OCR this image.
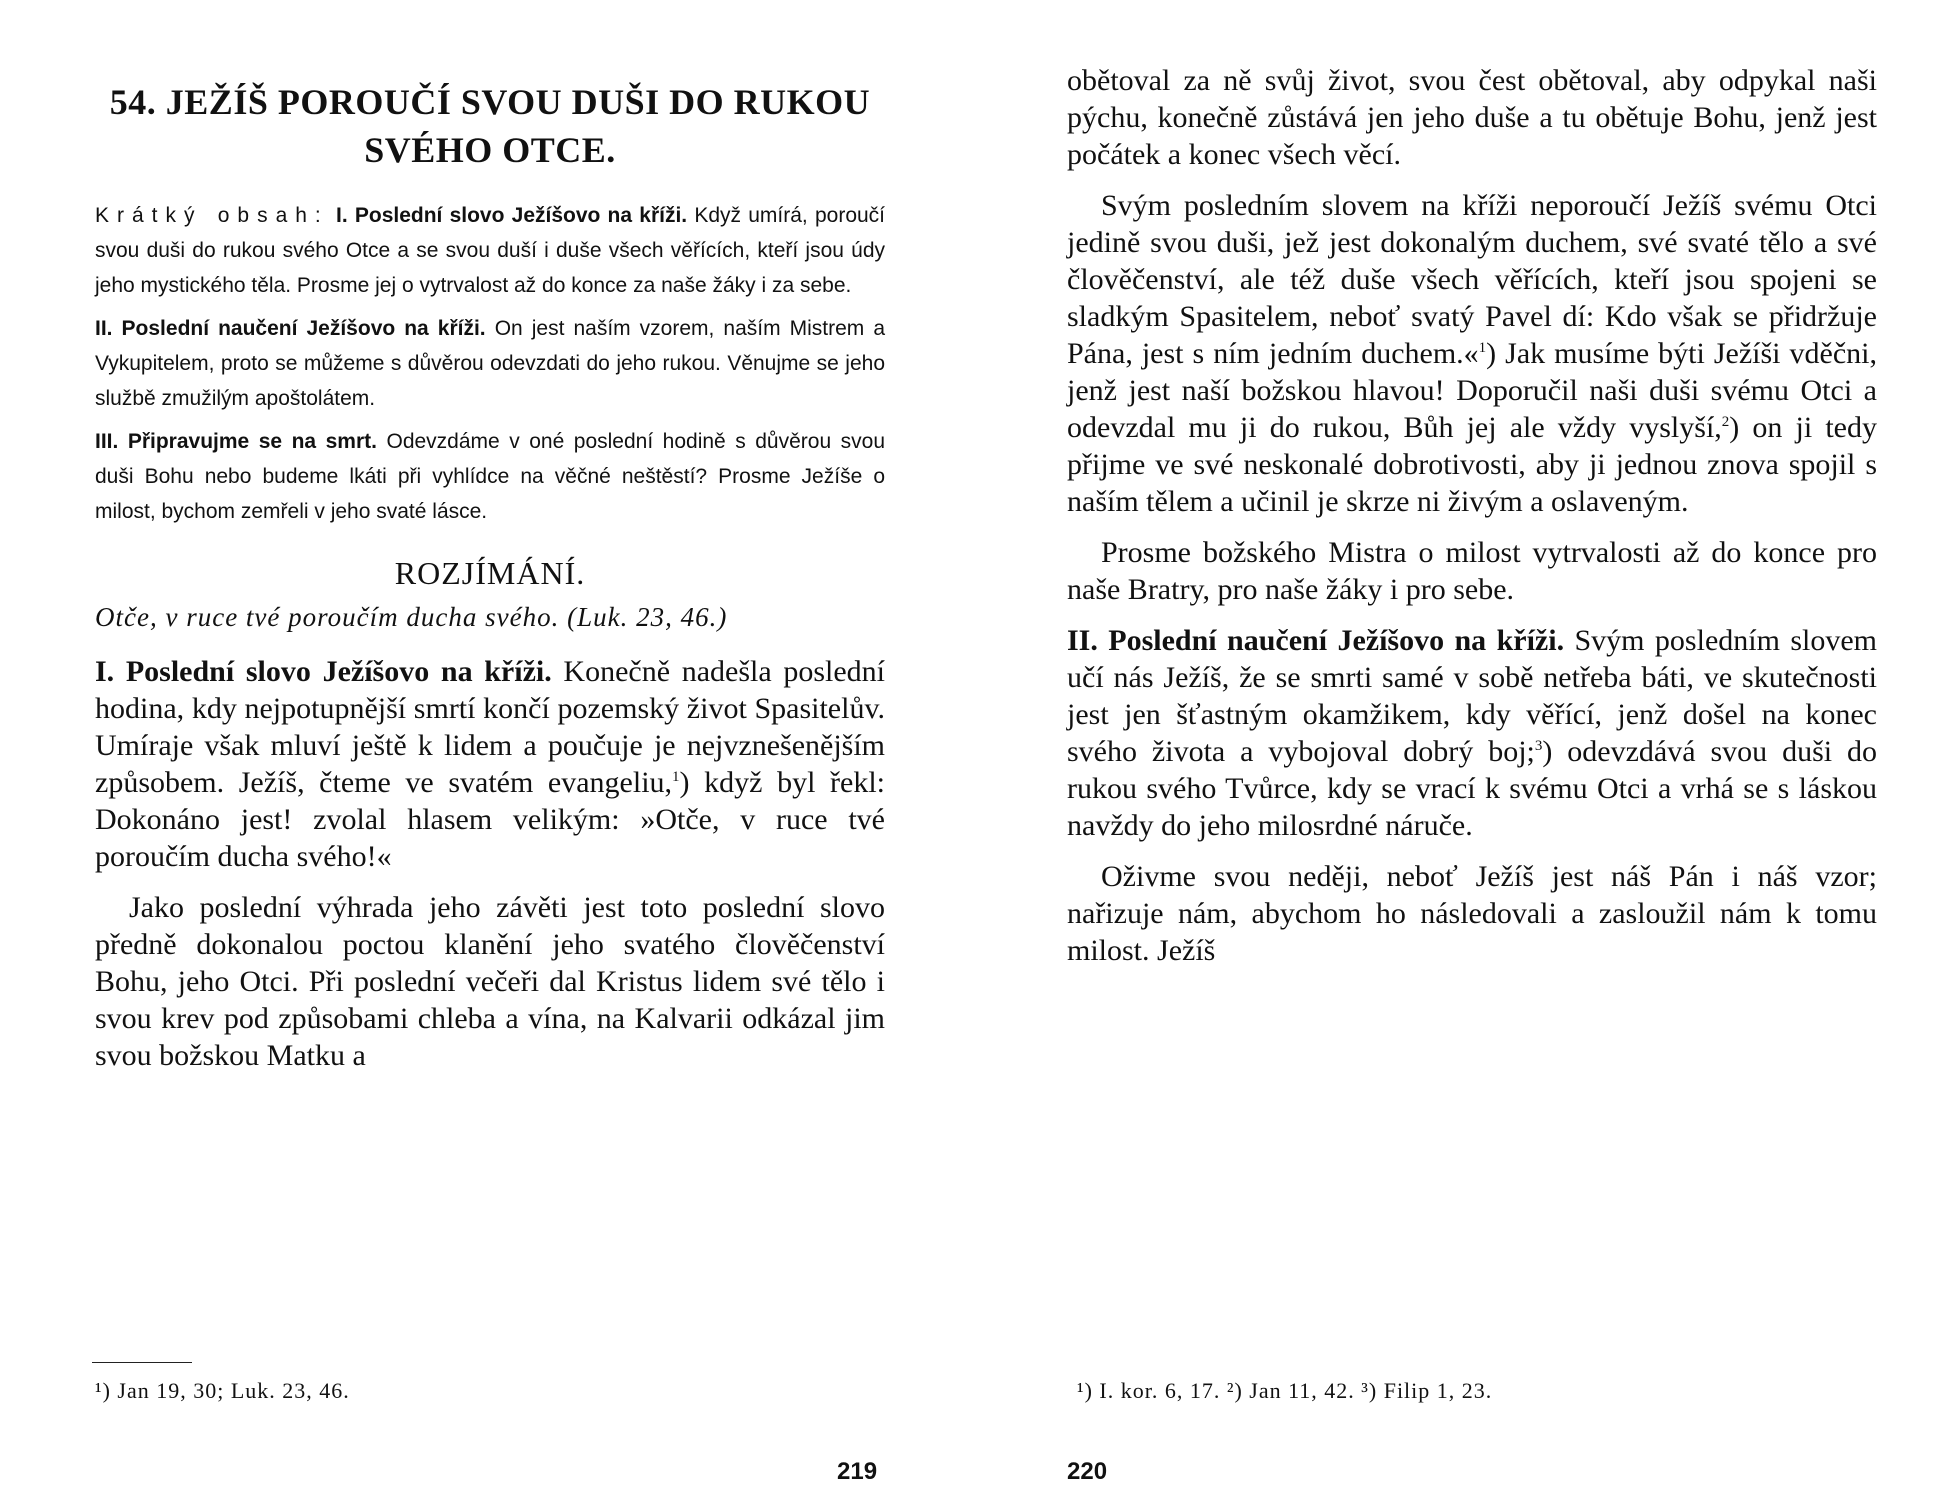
54. JEŽÍŠ POROUČÍ SVOU DUŠI DO RUKOU SVÉHO OTCE.

Krátký obsah: I. Poslední slovo Ježíšovo na kříži. Když umírá, poroučí svou duši do rukou svého Otce a se svou duší i duše všech věřících, kteří jsou údy jeho mystického těla. Prosme jej o vytrvalost až do konce za naše žáky i za sebe.

II. Poslední naučení Ježíšovo na kříži. On jest naším vzorem, naším Mistrem a Vykupitelem, proto se můžeme s důvěrou odevzdati do jeho rukou. Věnujme se jeho službě zmužilým apoštolátem.

III. Připravujme se na smrt. Odevzdáme v oné poslední hodině s důvěrou svou duši Bohu nebo budeme lkáti při vyhlídce na věčné neštěstí? Prosme Ježíše o milost, bychom zemřeli v jeho svaté lásce.

ROZJÍMÁNÍ.
Otče, v ruce tvé poroučím ducha svého. (Luk. 23, 46.)

I. Poslední slovo Ježíšovo na kříži. Konečně nadešla poslední hodina, kdy nejpotupnější smrtí končí pozemský život Spasitelův. Umíraje však mluví ještě k lidem a poučuje je nejvznešenějším způsobem. Ježíš, čteme ve svatém evangeliu,$^1$) když byl řekl: Dokonáno jest! zvolal hlasem velikým: »Otče, v ruce tvé poroučím ducha svého!«

Jako poslední výhrada jeho závěti jest toto poslední slovo předně dokonalou poctou klanění jeho svatého člověčenství Bohu, jeho Otci. Při poslední večeři dal Kristus lidem své tělo i svou krev pod způsobami chleba a vína, na Kalvarii odkázal jim svou božskou Matku a

¹) Jan 19, 30; Luk. 23, 46.
219

obětoval za ně svůj život, svou čest obětoval, aby odpykal naši pýchu, konečně zůstává jen jeho duše a tu obětuje Bohu, jenž jest počátek a konec všech věcí.

Svým posledním slovem na kříži neporoučí Ježíš svému Otci jedině svou duši, jež jest dokonalým duchem, své svaté tělo a své člověčenství, ale též duše všech věřících, kteří jsou spojeni se sladkým Spasitelem, neboť svatý Pavel dí: Kdo však se přidržuje Pána, jest s ním jedním duchem.«$^1$) Jak musíme býti Ježíši vděčni, jenž jest naší božskou hlavou! Doporučil naši duši svému Otci a odevzdal mu ji do rukou, Bůh jej ale vždy vyslyší,$^2$) on ji tedy přijme ve své neskonalé dobrotivosti, aby ji jednou znova spojil s naším tělem a učinil je skrze ni živým a oslaveným.

Prosme božského Mistra o milost vytrvalosti až do konce pro naše Bratry, pro naše žáky i pro sebe.

II. Poslední naučení Ježíšovo na kříži. Svým posledním slovem učí nás Ježíš, že se smrti samé v sobě netřeba báti, ve skutečnosti jest jen šťastným okamžikem, kdy věřící, jenž došel na konec svého života a vybojoval dobrý boj;$^3$) odevzdává svou duši do rukou svého Tvůrce, kdy se vrací k svému Otci a vrhá se s láskou navždy do jeho milosrdné náruče.

Oživme svou neději, neboť Ježíš jest náš Pán i náš vzor; nařizuje nám, abychom ho následovali a zasloužil nám k tomu milost. Ježíš

¹) I. kor. 6, 17. ²) Jan 11, 42. ³) Filip 1, 23.
220
